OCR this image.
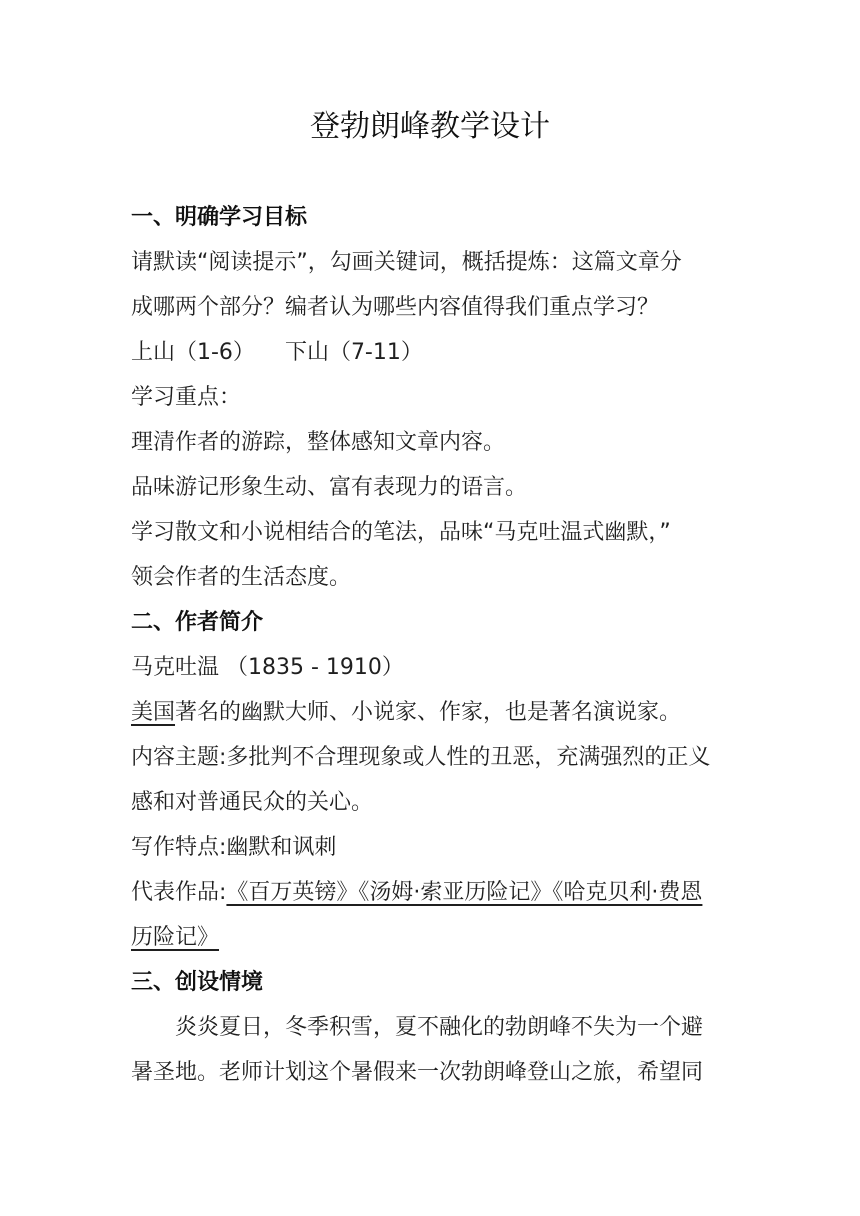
登勃朗峰教学设计
一、明确学习目标
请默读“阅读提示”，勾画关键词，概括提炼：这篇文章分
成哪两个部分？编者认为哪些内容值得我们重点学习？
上山（1-6） 下山（7-11）
学习重点：
理清作者的游踪，整体感知文章内容。
品味游记形象生动、富有表现力的语言。
学习散文和小说相结合的笔法，品味“马克吐温式幽默，”
领会作者的生活态度。
二、作者简介
马克吐温 （1835 - 1910）
美国著名的幽默大师、小说家、作家，也是著名演说家。
内容主题:多批判不合理现象或人性的丑恶，充满强烈的正义
感和对普通民众的关心。
写作特点:幽默和讽刺
代表作品:《百万英镑》《汤姆·索亚历险记》《哈克贝利·费恩
历险记》
三、创设情境
炎炎夏日，冬季积雪，夏不融化的勃朗峰不失为一个避
暑圣地。老师计划这个暑假来一次勃朗峰登山之旅，希望同
